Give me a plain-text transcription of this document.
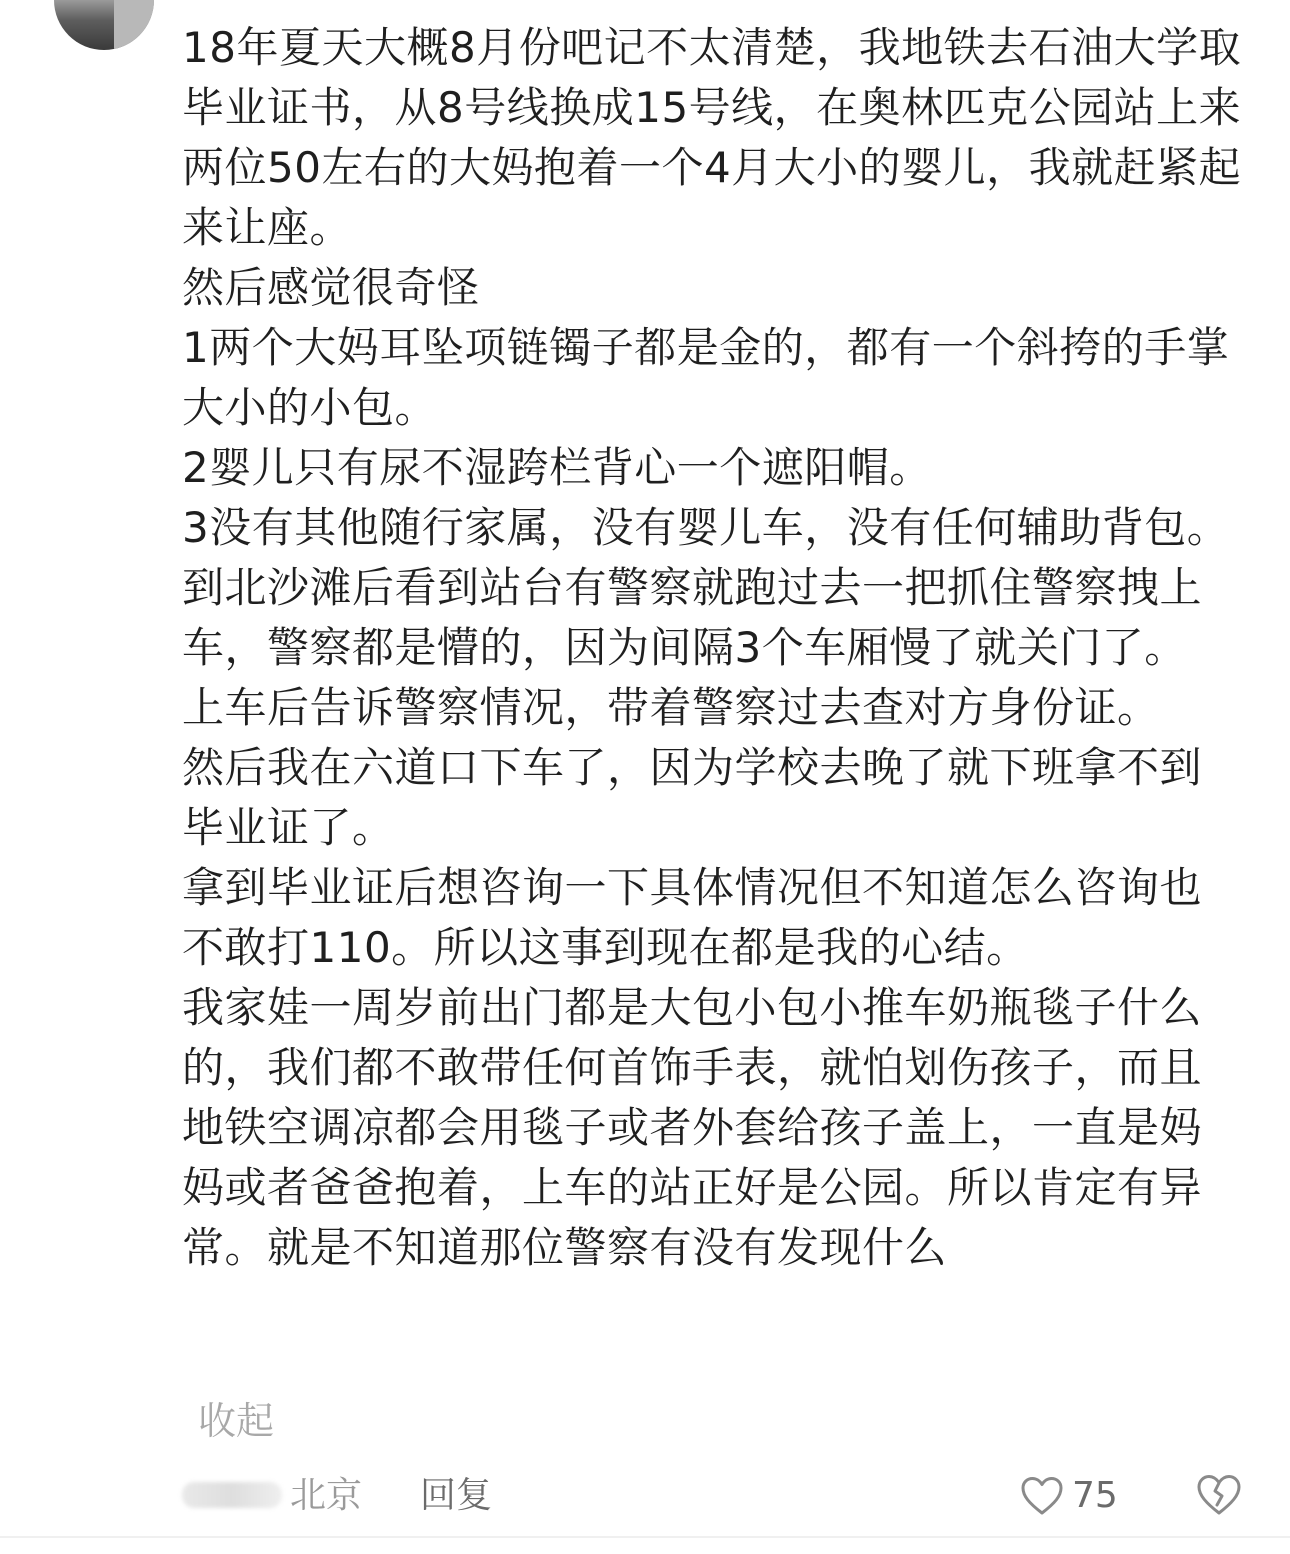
18年夏天大概8月份吧记不太清楚，我地铁去石油大学取毕业证书，从8号线换成15号线，在奥林匹克公园站上来两位50左右的大妈抱着一个4月大小的婴儿，我就赶紧起来让座。

然后感觉很奇怪

1两个大妈耳坠项链镯子都是金的，都有一个斜挎的手掌大小的小包。

2婴儿只有尿不湿跨栏背心一个遮阳帽。

3没有其他随行家属，没有婴儿车，没有任何辅助背包。

到北沙滩后看到站台有警察就跑过去一把抓住警察拽上车，警察都是懵的，因为间隔3个车厢慢了就关门了。

上车后告诉警察情况，带着警察过去查对方身份证。

然后我在六道口下车了，因为学校去晚了就下班拿不到毕业证了。

拿到毕业证后想咨询一下具体情况但不知道怎么咨询也不敢打110。所以这事到现在都是我的心结。

我家娃一周岁前出门都是大包小包小推车奶瓶毯子什么的，我们都不敢带任何首饰手表，就怕划伤孩子，而且地铁空调凉都会用毯子或者外套给孩子盖上，一直是妈妈或者爸爸抱着，上车的站正好是公园。所以肯定有异常。就是不知道那位警察有没有发现什么

收起
北京 回复	75
